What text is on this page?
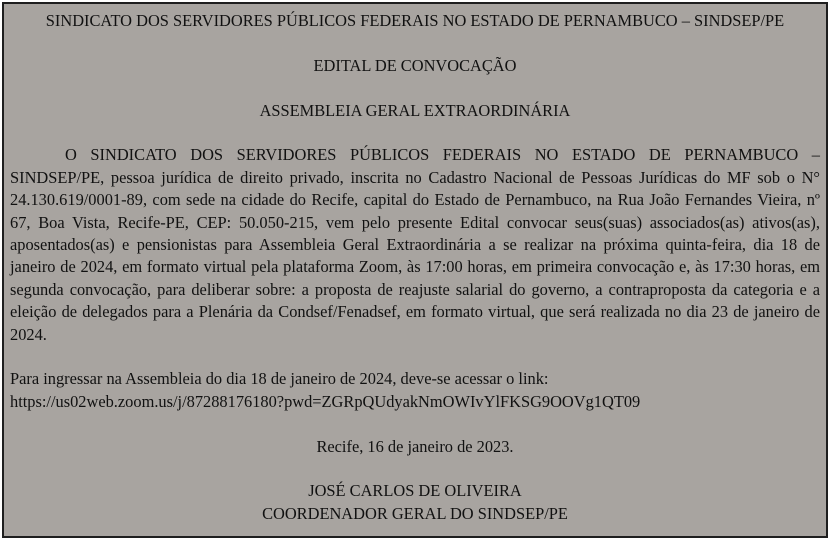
SINDICATO DOS SERVIDORES PÚBLICOS FEDERAIS NO ESTADO DE PERNAMBUCO – SINDSEP/PE
EDITAL DE CONVOCAÇÃO
ASSEMBLEIA GERAL EXTRAORDINÁRIA
O SINDICATO DOS SERVIDORES PÚBLICOS FEDERAIS NO ESTADO DE PERNAMBUCO – SINDSEP/PE, pessoa jurídica de direito privado, inscrita no Cadastro Nacional de Pessoas Jurídicas do MF sob o N° 24.130.619/0001-89, com sede na cidade do Recife, capital do Estado de Pernambuco, na Rua João Fernandes Vieira, nº 67, Boa Vista, Recife-PE, CEP: 50.050-215, vem pelo presente Edital convocar seus(suas) associados(as) ativos(as), aposentados(as) e pensionistas para Assembleia Geral Extraordinária a se realizar na próxima quinta-feira, dia 18 de janeiro de 2024, em formato virtual pela plataforma Zoom, às 17:00 horas, em primeira convocação e, às 17:30 horas, em segunda convocação, para deliberar sobre: a proposta de reajuste salarial do governo, a contraproposta da categoria e a eleição de delegados para a Plenária da Condsef/Fenadsef, em formato virtual, que será realizada no dia 23 de janeiro de 2024.
Para ingressar na Assembleia do dia 18 de janeiro de 2024, deve-se acessar o link:
https://us02web.zoom.us/j/87288176180?pwd=ZGRpQUdyakNmOWIvYlFKSG9OOVg1QT09
Recife, 16 de janeiro de 2023.
JOSÉ CARLOS DE OLIVEIRA
COORDENADOR GERAL DO SINDSEP/PE
